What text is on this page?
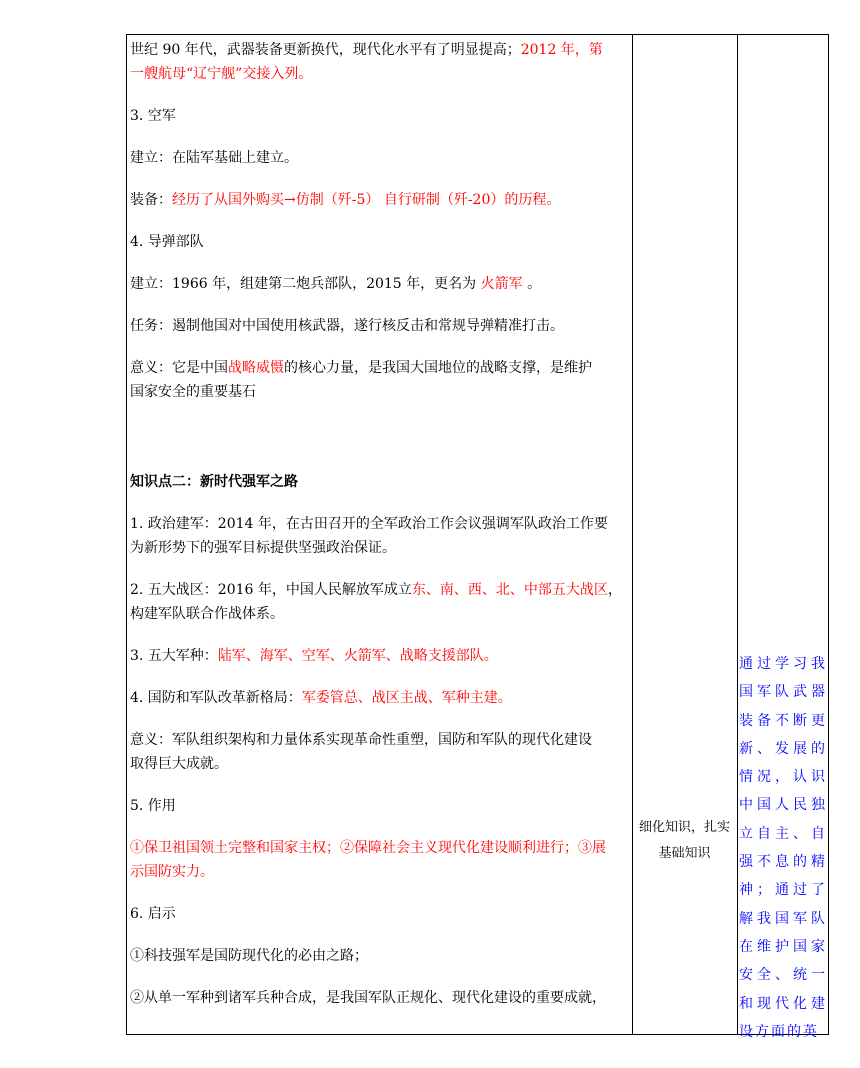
世纪 90 年代，武器装备更新换代，现代化水平有了明显提高；2012 年，第

一艘航母“辽宁舰”交接入列。

3. 空军

建立：在陆军基础上建立。

装备：经历了从国外购买→仿制（歼-5） 自行研制（歼-20）的历程。

4. 导弹部队

建立：1966 年，组建第二炮兵部队，2015 年，更名为 火箭军 。

任务：遏制他国对中国使用核武器，遂行核反击和常规导弹精准打击。

意义：它是中国战略威慑的核心力量，是我国大国地位的战略支撑，是维护

国家安全的重要基石

知识点二：新时代强军之路

1. 政治建军：2014 年，在古田召开的全军政治工作会议强调军队政治工作要

为新形势下的强军目标提供坚强政治保证。

2. 五大战区：2016 年，中国人民解放军成立东、南、西、北、中部五大战区，

构建军队联合作战体系。

3. 五大军种：陆军、海军、空军、火箭军、战略支援部队。

4. 国防和军队改革新格局：军委管总、战区主战、军种主建。

意义：军队组织架构和力量体系实现革命性重塑，国防和军队的现代化建设

取得巨大成就。

5. 作用

①保卫祖国领土完整和国家主权；②保障社会主义现代化建设顺利进行；③展

示国防实力。

6. 启示

①科技强军是国防现代化的必由之路；

②从单一军种到诸军兵种合成，是我国军队正规化、现代化建设的重要成就，

细化知识，扎实
基础知识
通过学习我国军队武器装备不断更新、发展的情况，认识中国人民独立自主、自强不息的精神；通过了解我国军队在维护国家安全、统一和现代化建设方面的英
